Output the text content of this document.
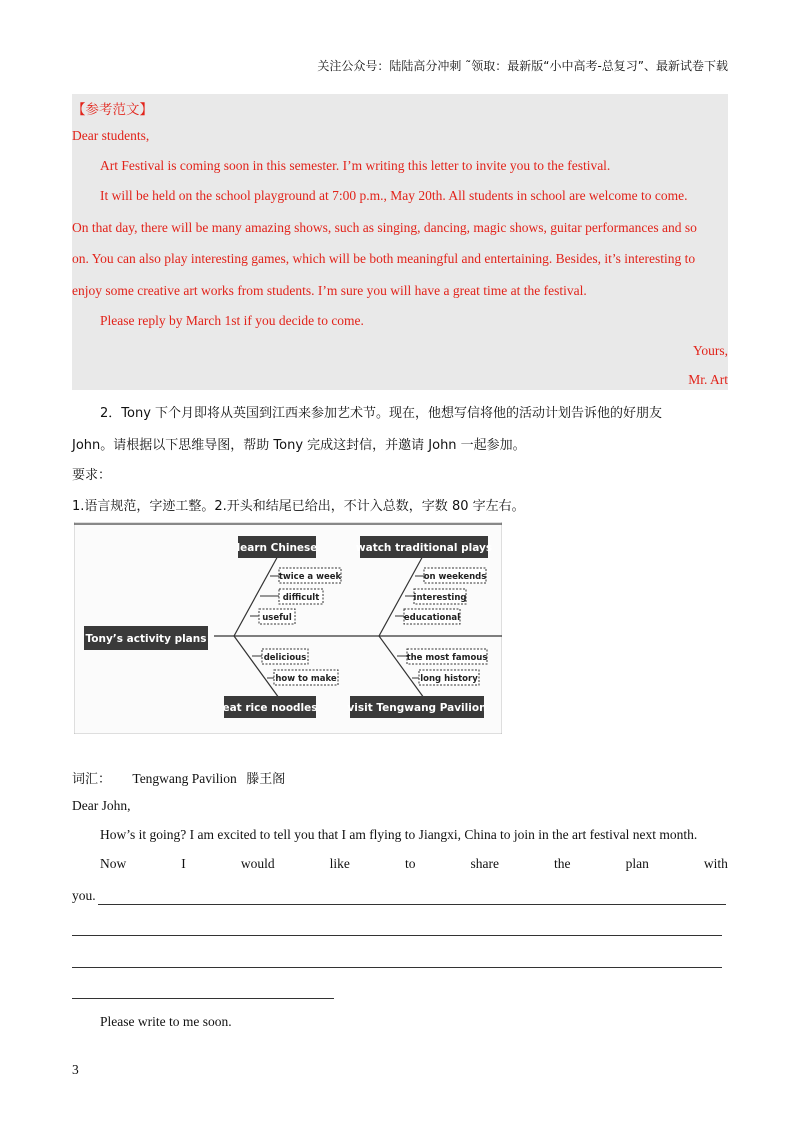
关注公众号：陆陆高分冲刺 ˜领取：最新版“小中高考-总复习”、最新试卷下载
【参考范文】
Dear students,
Art Festival is coming soon in this semester. I’m writing this letter to invite you to the festival.
It will be held on the school playground at 7:00 p.m., May 20th. All students in school are welcome to come.
On that day, there will be many amazing shows, such as singing, dancing, magic shows, guitar performances and so
on. You can also play interesting games, which will be both meaningful and entertaining. Besides, it’s interesting to
enjoy some creative art works from students. I’m sure you will have a great time at the festival.
Please reply by March 1st if you decide to come.
Yours,
Mr. Art
2．Tony 下个月即将从英国到江西来参加艺术节。现在，他想写信将他的活动计划告诉他的好朋友
John。请根据以下思维导图，帮助 Tony 完成这封信，并邀请 John 一起参加。
要求：
1.语言规范，字迹工整。2.开头和结尾已给出，不计入总数，字数 80 字左右。
learn Chinese	watch traditional plays
Tony’s activity plans
eat rice noodles	visit Tengwang Pavilion
twice a week
difficult
useful
on weekends
interesting
educational
delicious
how to make
the most famous
long history
词汇： Tengwang Pavilion 滕王阁
Dear John,
How’s it going? I am excited to tell you that I am flying to Jiangxi, China to join in the art festival next month.
Now	I	would	like	to	share	the	plan	with
you.
Please write to me soon.
3
